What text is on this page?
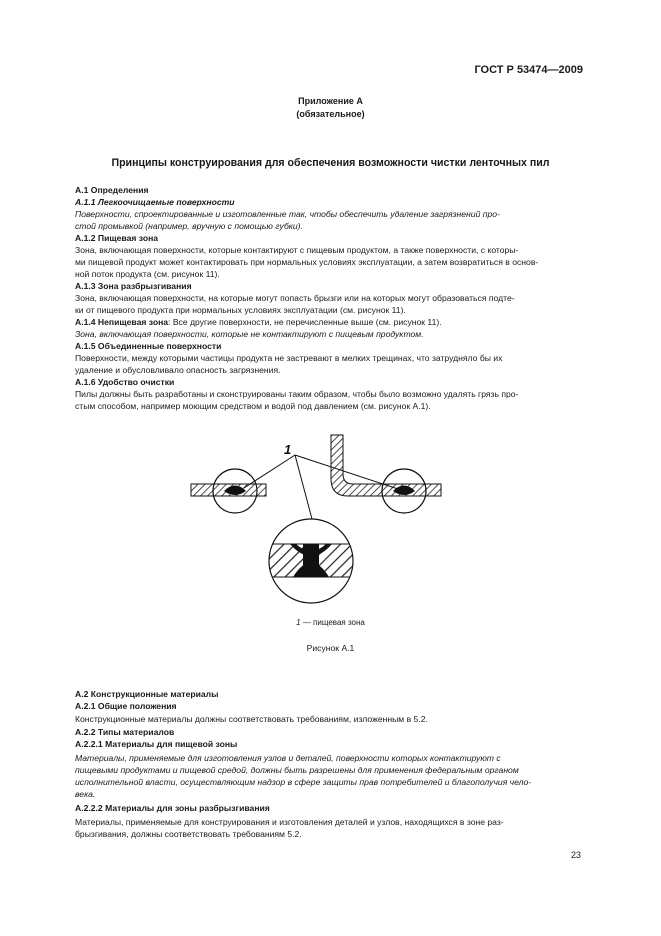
ГОСТ Р 53474—2009
Приложение А
(обязательное)
Принципы конструирования для обеспечения возможности чистки ленточных пил

А.1 Определения

А.1.1 Легкоочищаемые поверхности

Поверхности, спроектированные и изготовленные так, чтобы обеспечить удаление загрязнений про-

стой промывкой (например, вручную с помощью губки).

А.1.2 Пищевая зона

Зона, включающая поверхности, которые контактируют с пищевым продуктом, а также поверхности, с которы-

ми пищевой продукт может контактировать при нормальных условиях эксплуатации, а затем возвратиться в основ-

ной поток продукта (см. рисунок 11).

А.1.3 Зона разбрызгивания

Зона, включающая поверхности, на которые могут попасть брызги или на которых могут образоваться подте-

ки от пищевого продукта при нормальных условиях эксплуатации (см. рисунок 11).

А.1.4 Непищевая зона: Все другие поверхности, не перечисленные выше (см. рисунок 11).

Зона, включающая поверхности, которые не контактируют с пищевым продуктом.

А.1.5 Объединенные поверхности

Поверхности, между которыми частицы продукта не застревают в мелких трещинах, что затрудняло бы их

удаление и обусловливало опасность загрязнения.

А.1.6 Удобство очистки

Пилы должны быть разработаны и сконструированы таким образом, чтобы было возможно удалять грязь про-

стым способом, например моющим средством и водой под давлением (см. рисунок А.1).

1
1 — пищевая зона
Рисунок А.1

А.2 Конструкционные материалы

А.2.1 Общие положения

Конструкционные материалы должны соответствовать требованиям, изложенным в 5.2.

А.2.2 Типы материалов

А.2.2.1 Материалы для пищевой зоны

Материалы, применяемые для изготовления узлов и деталей, поверхности которых контактируют с

пищевыми продуктами и пищевой средой, должны быть разрешены для применения федеральным органом

исполнительной власти, осуществляющим надзор в сфере защиты прав потребителей и благополучия чело-

века.

А.2.2.2 Материалы для зоны разбрызгивания

Материалы, применяемые для конструирования и изготовления деталей и узлов, находящихся в зоне раз-

брызгивания, должны соответствовать требованиям 5.2.

23
